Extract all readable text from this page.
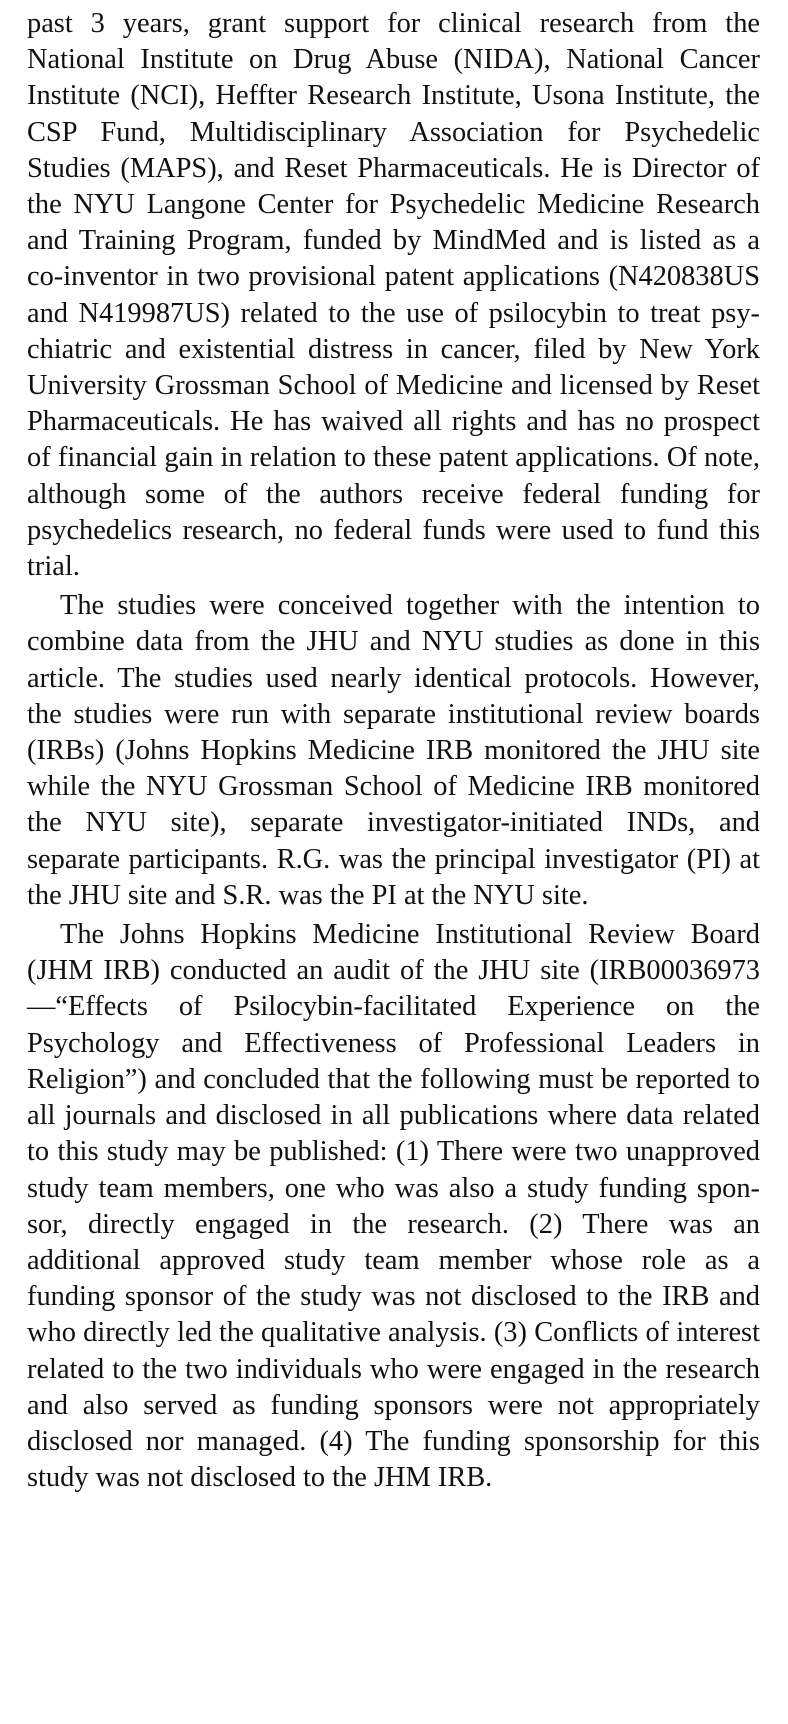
past 3 years, grant support for clinical research from the National Institute on Drug Abuse (NIDA), National Cancer Institute (NCI), Heffter Research Institute, Usona Institute, the CSP Fund, Multidisciplinary Association for Psychedelic Studies (MAPS), and Reset Pharmaceuticals. He is Director of the NYU Langone Center for Psychedelic Medicine Research and Training Program, funded by MindMed and is listed as a co-inventor in two provisional patent applications (N420838US and N419987US) related to the use of psilocybin to treat psychiatric and existential distress in cancer, filed by New York University Grossman School of Medicine and licensed by Reset Pharmaceuticals. He has waived all rights and has no prospect of financial gain in relation to these patent applications. Of note, although some of the authors receive federal funding for psychedelics research, no federal funds were used to fund this trial.

The studies were conceived together with the intention to combine data from the JHU and NYU studies as done in this article. The studies used nearly identical protocols. However, the studies were run with separate institutional review boards (IRBs) (Johns Hopkins Medicine IRB monitored the JHU site while the NYU Grossman School of Medicine IRB monitored the NYU site), separate investigator-initiated INDs, and separate participants. R.G. was the principal investigator (PI) at the JHU site and S.R. was the PI at the NYU site.

The Johns Hopkins Medicine Institutional Review Board (JHM IRB) conducted an audit of the JHU site (IRB00036973—“Effects of Psilocybin-facilitated Experience on the Psychology and Effectiveness of Professional Leaders in Religion”) and concluded that the following must be reported to all journals and disclosed in all publications where data related to this study may be published: (1) There were two unapproved study team members, one who was also a study funding sponsor, directly engaged in the research. (2) There was an additional approved study team member whose role as a funding sponsor of the study was not disclosed to the IRB and who directly led the qualitative analysis. (3) Conflicts of interest related to the two individuals who were engaged in the research and also served as funding sponsors were not appropriately disclosed nor managed. (4) The funding sponsorship for this study was not disclosed to the JHM IRB.
